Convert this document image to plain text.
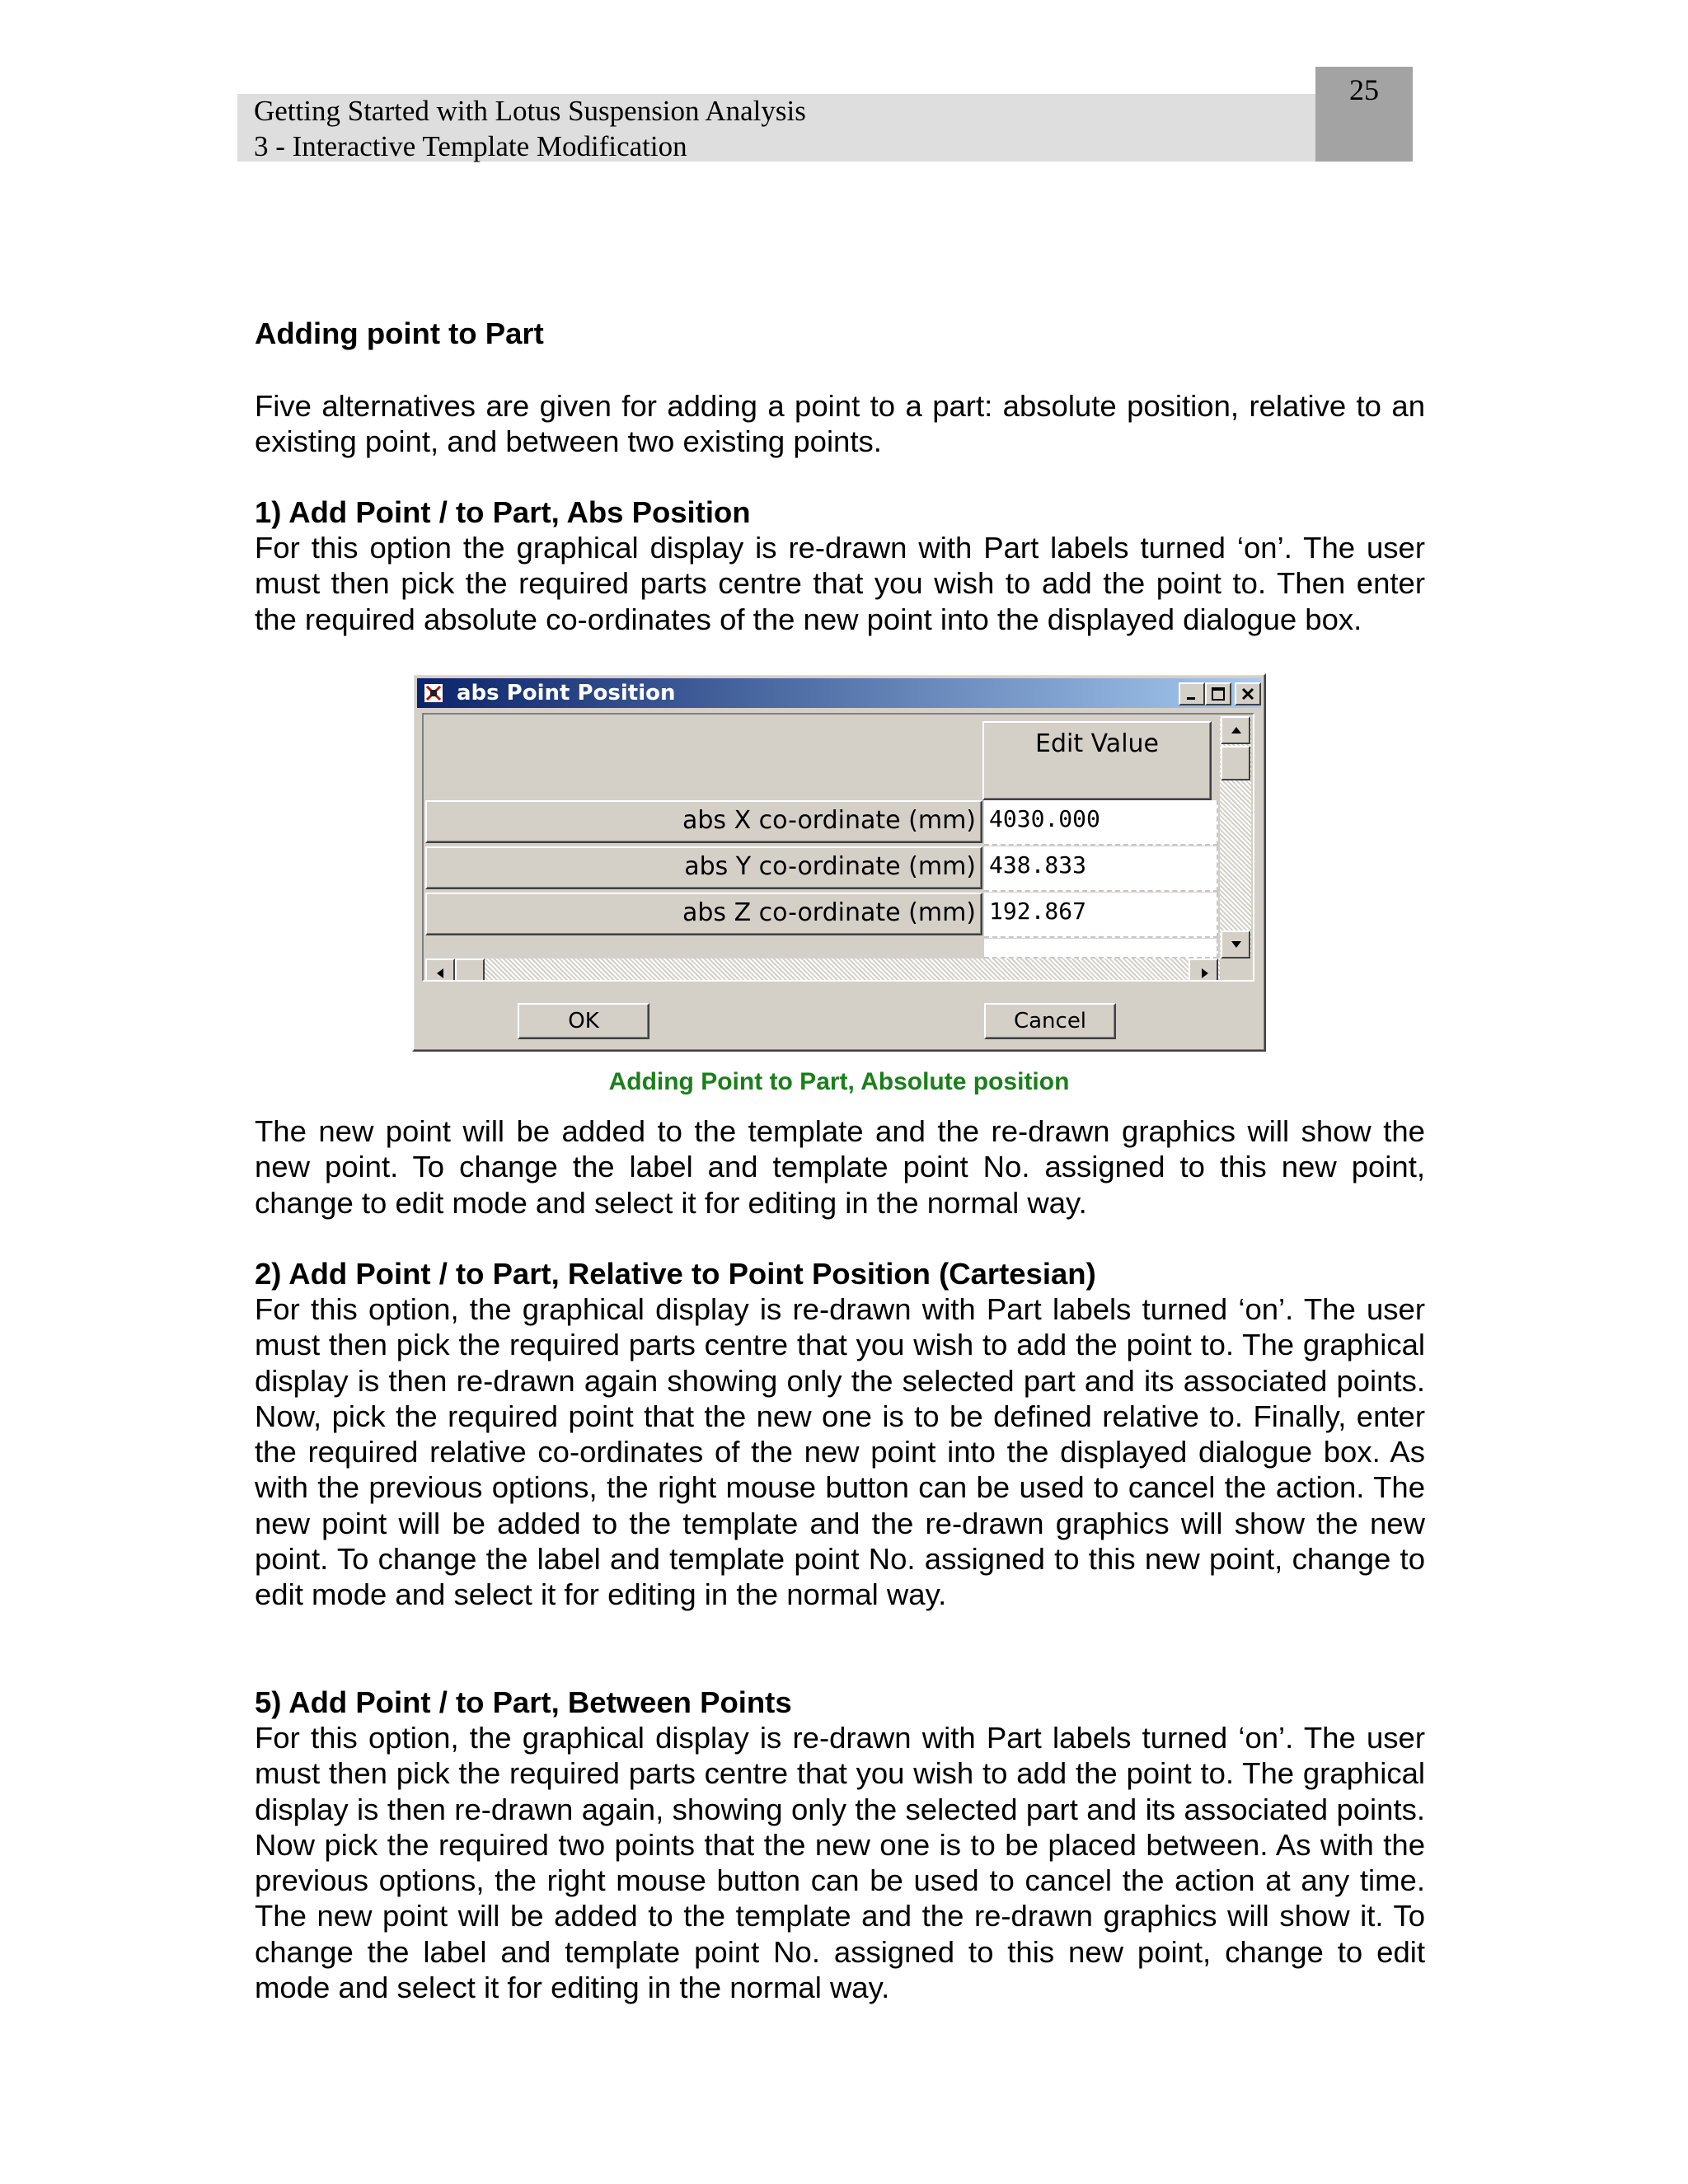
Getting Started with Lotus Suspension Analysis
3 - Interactive Template Modification
25

Adding point to Part

Five alternatives are given for adding a point to a part: absolute position, relative to an existing point, and between two existing points.

1) Add Point / to Part, Abs Position

For this option the graphical display is re-drawn with Part labels turned ‘on’. The user must then pick the required parts centre that you wish to add the point to. Then enter the required absolute co-ordinates of the new point into the displayed dialogue box.

abs Point Position
Edit Value
abs X co-ordinate (mm) 4030.000
abs Y co-ordinate (mm) 438.833
abs Z co-ordinate (mm) 192.867
OK	Cancel
Adding Point to Part, Absolute position

The new point will be added to the template and the re-drawn graphics will show the new point. To change the label and template point No. assigned to this new point, change to edit mode and select it for editing in the normal way.

2) Add Point / to Part, Relative to Point Position (Cartesian)

For this option, the graphical display is re-drawn with Part labels turned ‘on’. The user must then pick the required parts centre that you wish to add the point to. The graphical display is then re-drawn again showing only the selected part and its associated points. Now, pick the required point that the new one is to be defined relative to. Finally, enter the required relative co-ordinates of the new point into the displayed dialogue box. As with the previous options, the right mouse button can be used to cancel the action. The new point will be added to the template and the re-drawn graphics will show the new point. To change the label and template point No. assigned to this new point, change to edit mode and select it for editing in the normal way.

5) Add Point / to Part, Between Points

For this option, the graphical display is re-drawn with Part labels turned ‘on’. The user must then pick the required parts centre that you wish to add the point to. The graphical display is then re-drawn again, showing only the selected part and its associated points. Now pick the required two points that the new one is to be placed between. As with the previous options, the right mouse button can be used to cancel the action at any time. The new point will be added to the template and the re-drawn graphics will show it. To change the label and template point No. assigned to this new point, change to edit mode and select it for editing in the normal way.
